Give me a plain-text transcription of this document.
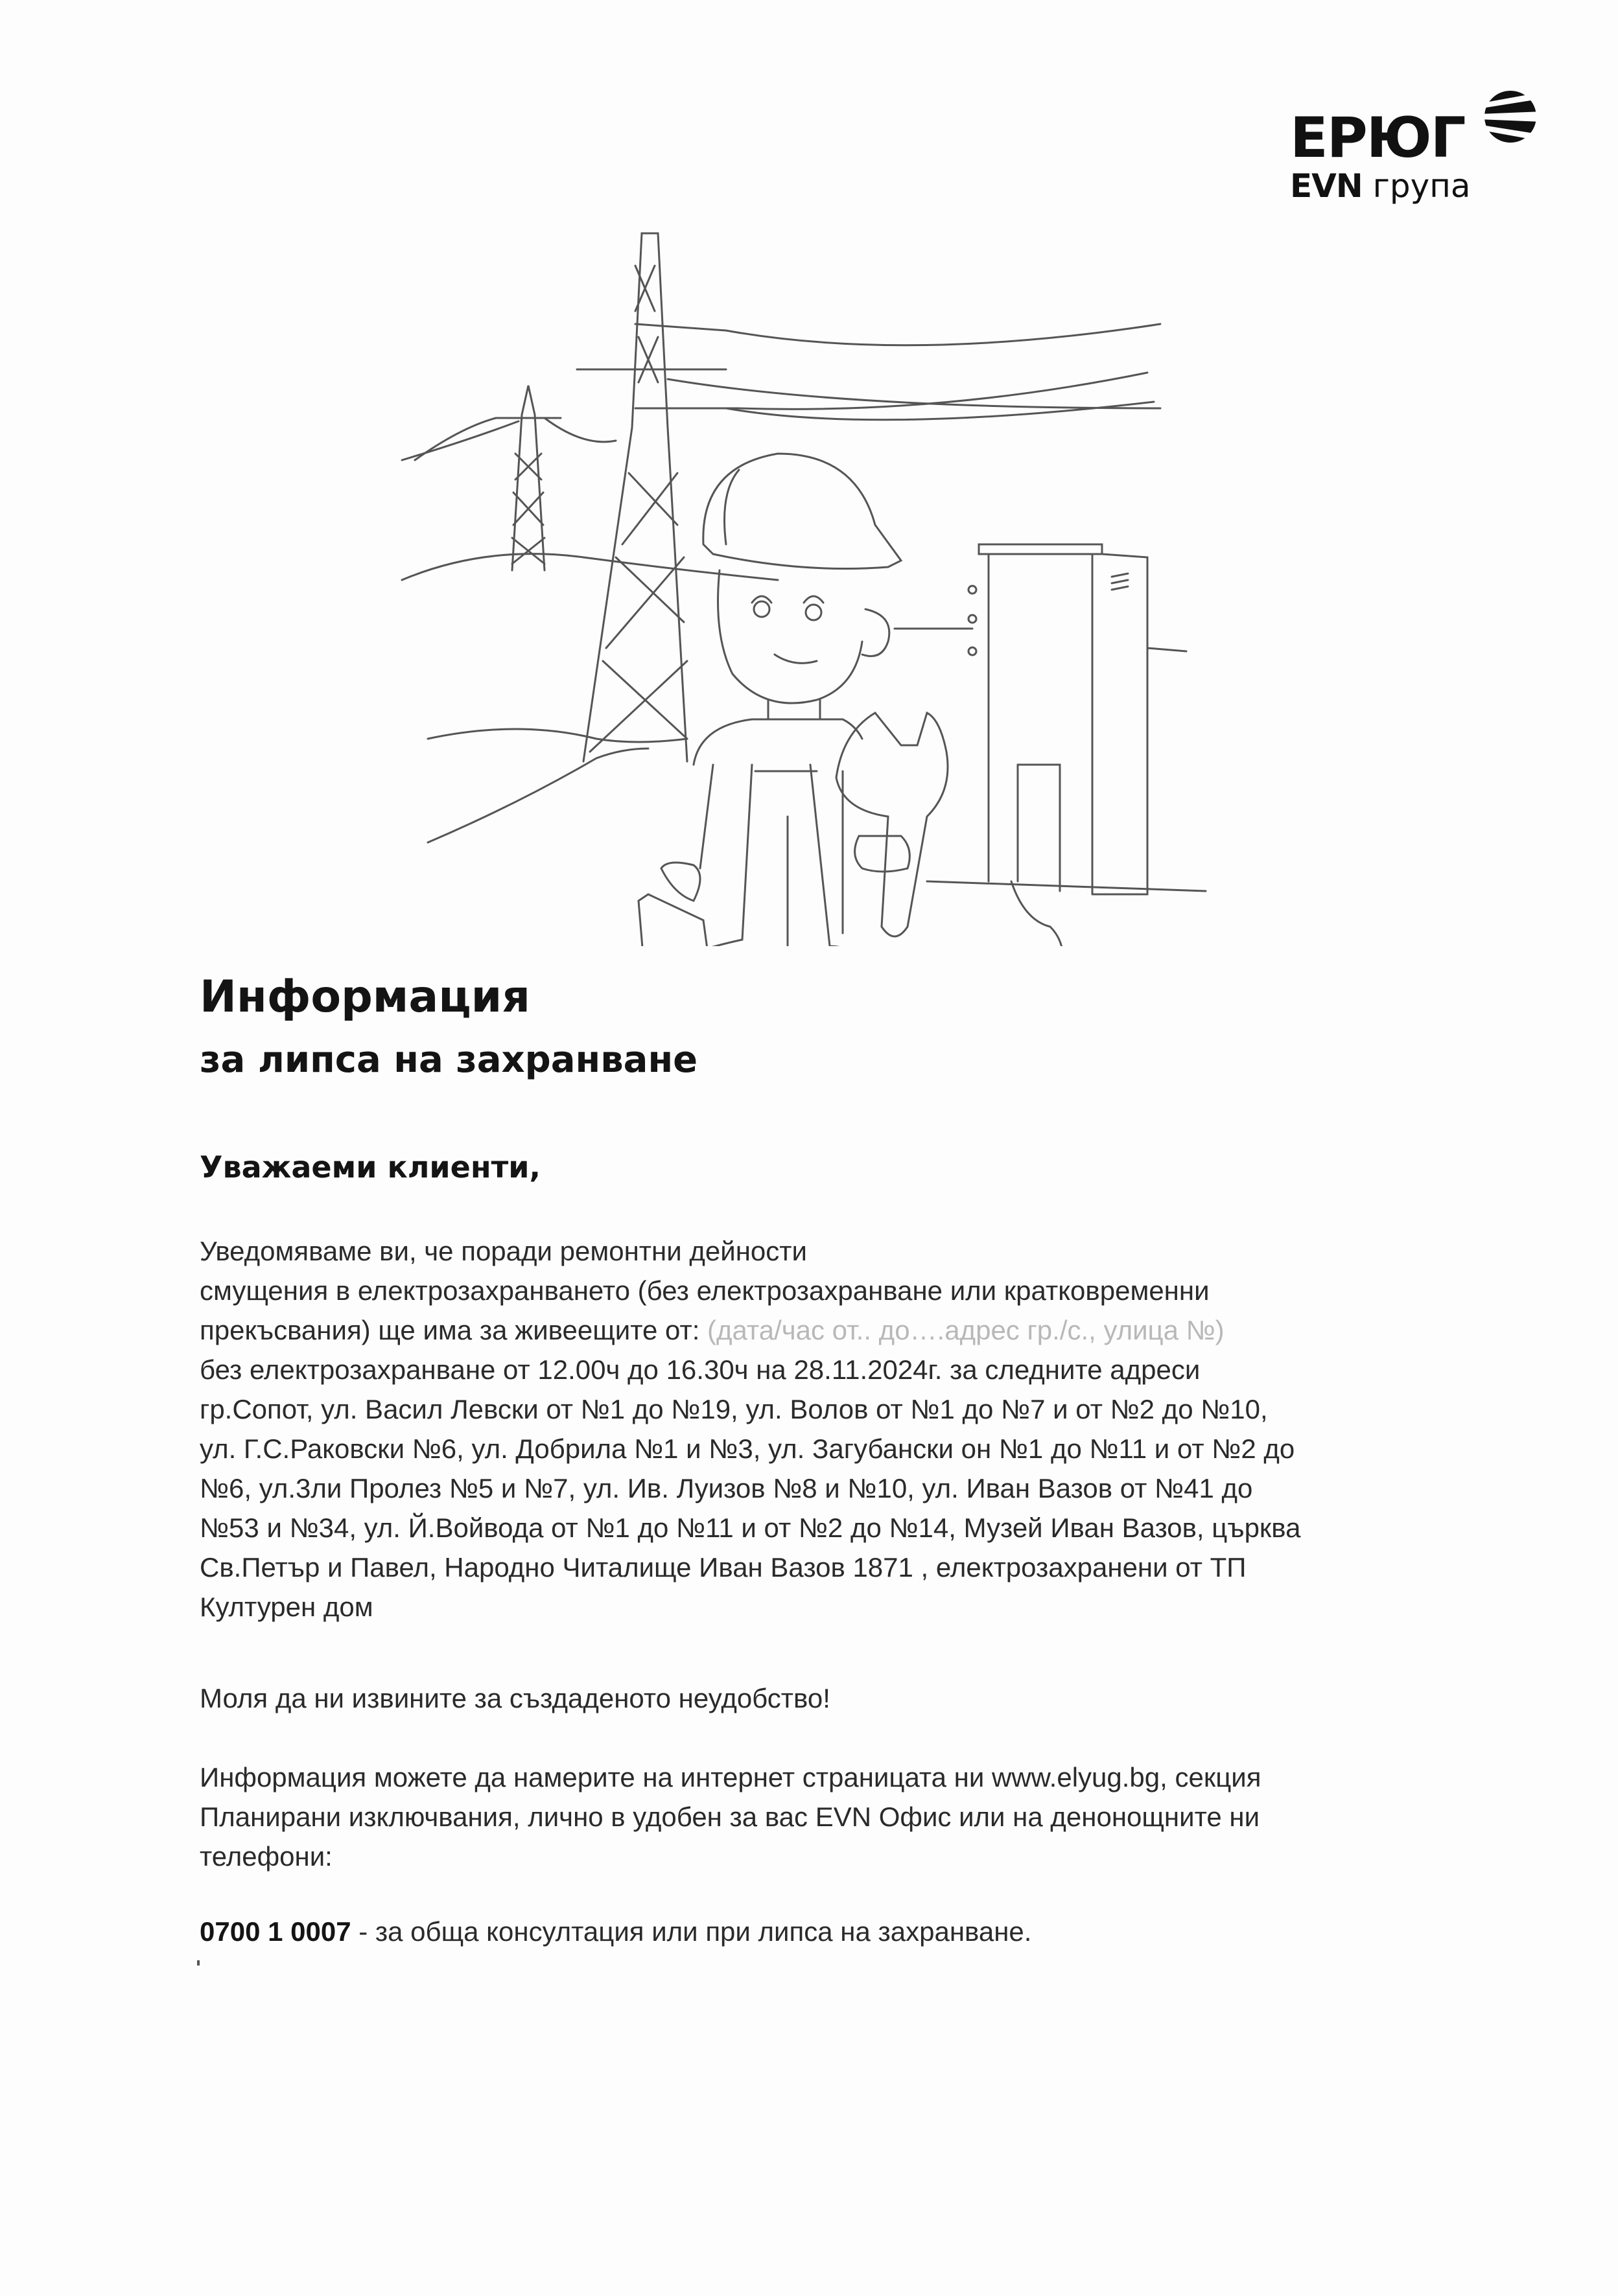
ЕРЮГ
EVN група
Информация
за липса на захранване
Уважаеми клиенти,
Уведомяваме ви, че поради ремонтни дейности
смущения в електрозахранването (без електрозахранване или кратковременни
прекъсвания) ще има за живеещите от: (дата/час от.. до….адрес гр./с., улица №)
без електрозахранване от 12.00ч до 16.30ч на 28.11.2024г. за следните адреси
гр.Сопот, ул. Васил Левски от №1 до №19, ул. Волов от №1 до №7 и от №2 до №10,
ул. Г.С.Раковски №6, ул. Добрила №1 и №3, ул. Загубански он №1 до №11 и от №2 до
№6, ул.3ли Пролез №5 и №7, ул. Ив. Луизов №8 и №10, ул. Иван Вазов от №41 до
№53 и №34, ул. Й.Войвода от №1 до №11 и от №2 до №14, Музей Иван Вазов, църква
Св.Петър и Павел, Народно Читалище Иван Вазов 1871 , електрозахранени от ТП
Културен дом
Моля да ни извините за създаденото неудобство!
Информация можете да намерите на интернет страницата ни www.elyug.bg, секция
Планирани изключвания, лично в удобен за вас EVN Офис или на денонощните ни
телефони:
0700 1 0007 - за обща консултация или при липса на захранване.
